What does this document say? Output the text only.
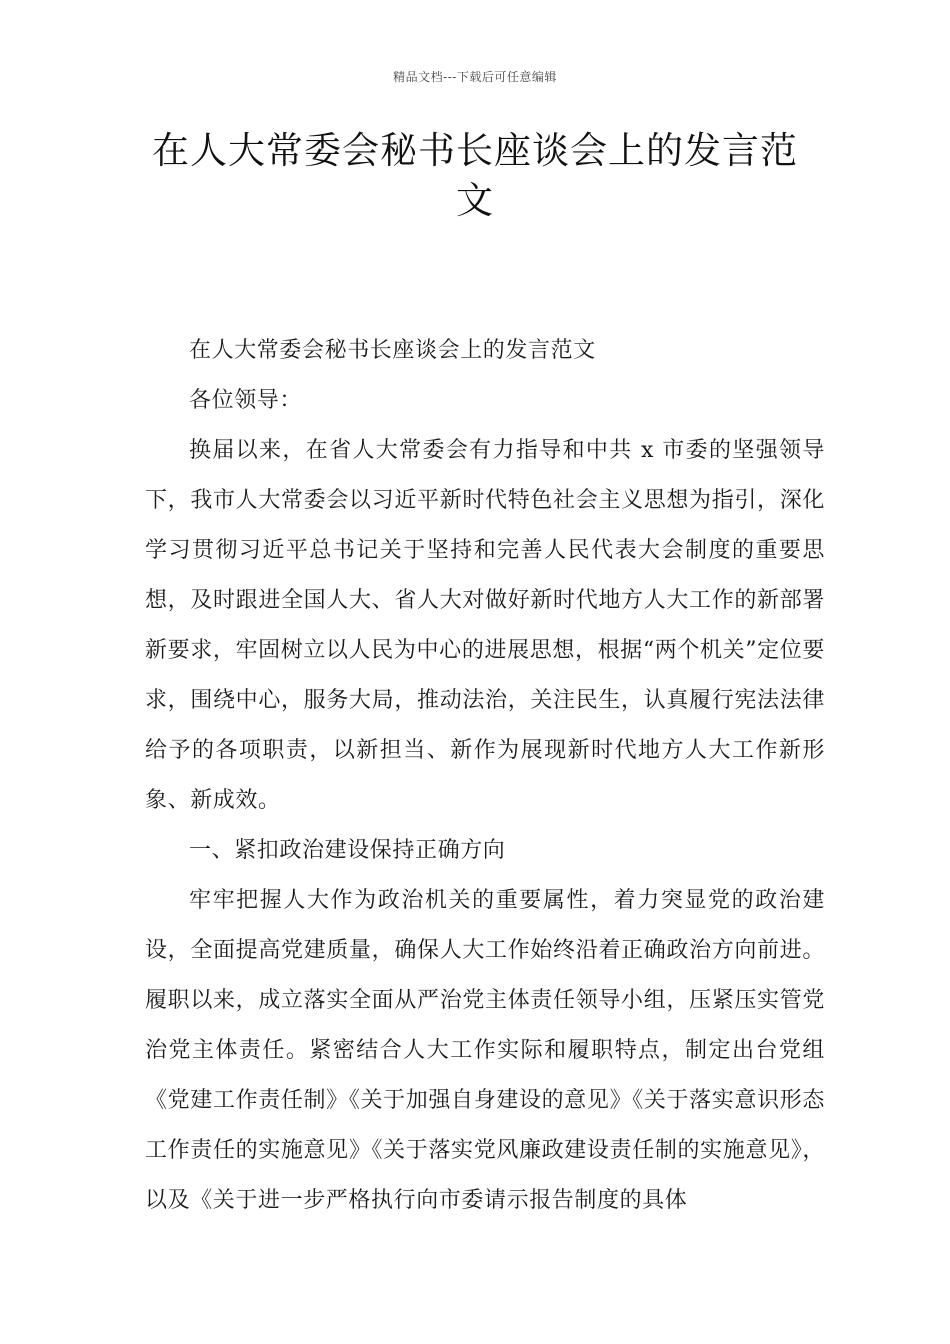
精品文档---下载后可任意编辑
在人大常委会秘书长座谈会上的发言范文

在人大常委会秘书长座谈会上的发言范文

各位领导：

换届以来，在省人大常委会有力指导和中共 x 市委的坚强领导下，我市人大常委会以习近平新时代特色社会主义思想为指引，深化学习贯彻习近平总书记关于坚持和完善人民代表大会制度的重要思想，及时跟进全国人大、省人大对做好新时代地方人大工作的新部署新要求，牢固树立以人民为中心的进展思想，根据“两个机关”定位要求，围绕中心，服务大局，推动法治，关注民生，认真履行宪法法律给予的各项职责，以新担当、新作为展现新时代地方人大工作新形象、新成效。

一、紧扣政治建设保持正确方向

牢牢把握人大作为政治机关的重要属性，着力突显党的政治建设，全面提高党建质量，确保人大工作始终沿着正确政治方向前进。履职以来，成立落实全面从严治党主体责任领导小组，压紧压实管党治党主体责任。紧密结合人大工作实际和履职特点，制定出台党组《党建工作责任制》《关于加强自身建设的意见》《关于落实意识形态工作责任的实施意见》《关于落实党风廉政建设责任制的实施意见》，以及《关于进一步严格执行向市委请示报告制度的具体
